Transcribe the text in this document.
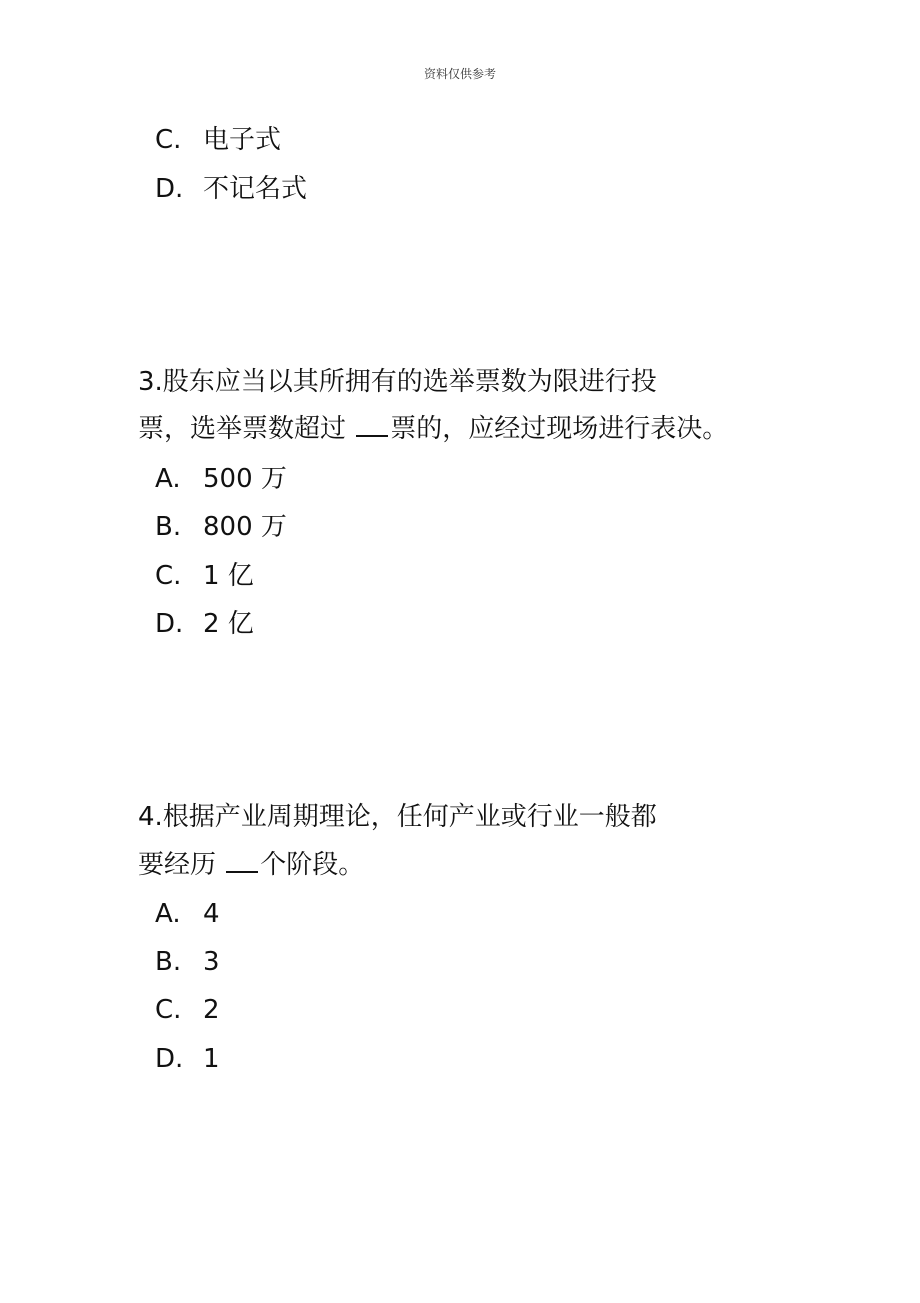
资料仅供参考
C. 电子式
D. 不记名式
3.股东应当以其所拥有的选举票数为限进行投
票，选举票数超过 票的，应经过现场进行表决。
A. 500 万
B. 800 万
C. 1 亿
D. 2 亿
4.根据产业周期理论，任何产业或行业一般都
要经历 个阶段。
A. 4
B. 3
C. 2
D. 1
